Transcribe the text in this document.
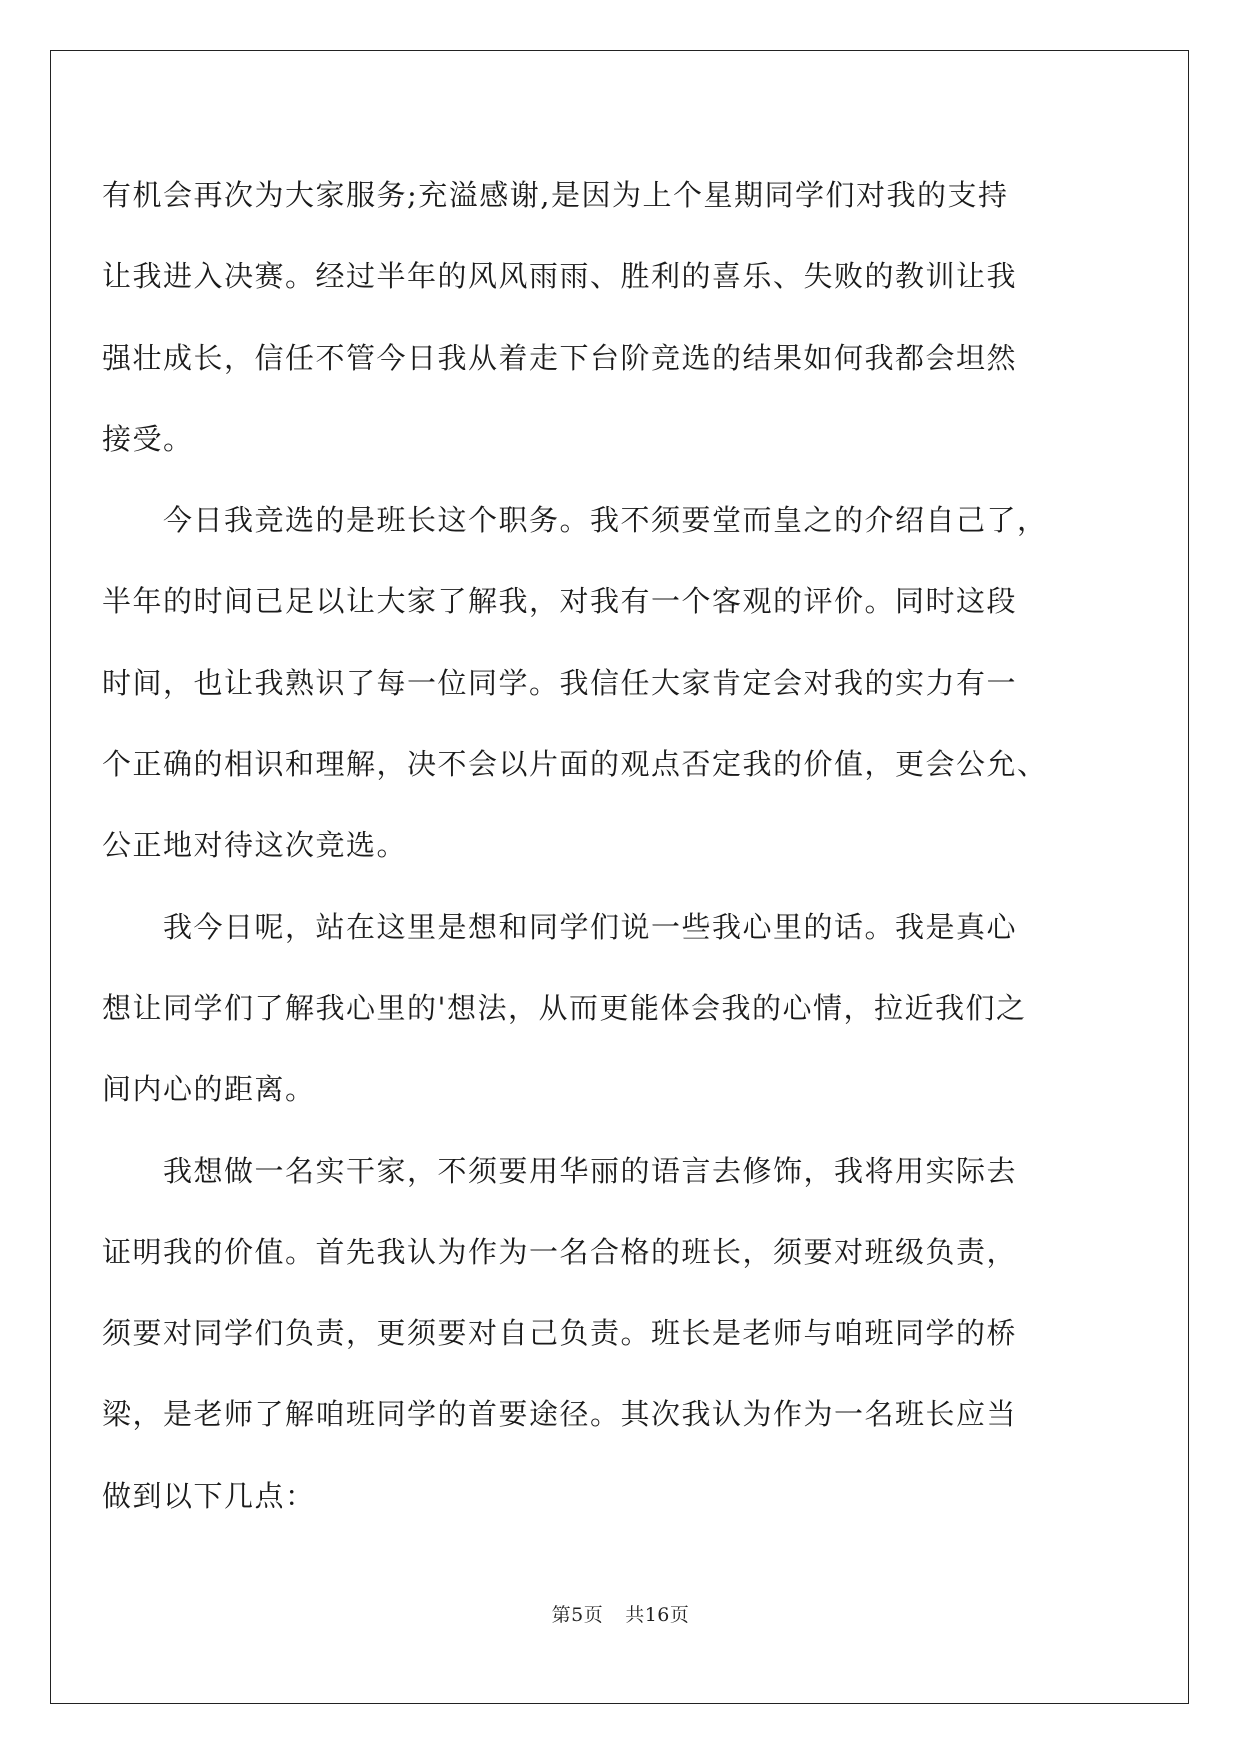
有机会再次为大家服务;充溢感谢,是因为上个星期同学们对我的支持
让我进入决赛。经过半年的风风雨雨、胜利的喜乐、失败的教训让我
强壮成长，信任不管今日我从着走下台阶竞选的结果如何我都会坦然
接受。

今日我竞选的是班长这个职务。我不须要堂而皇之的介绍自己了，
半年的时间已足以让大家了解我，对我有一个客观的评价。同时这段
时间，也让我熟识了每一位同学。我信任大家肯定会对我的实力有一
个正确的相识和理解，决不会以片面的观点否定我的价值，更会公允、
公正地对待这次竞选。

我今日呢，站在这里是想和同学们说一些我心里的话。我是真心
想让同学们了解我心里的'想法，从而更能体会我的心情，拉近我们之
间内心的距离。

我想做一名实干家，不须要用华丽的语言去修饰，我将用实际去
证明我的价值。首先我认为作为一名合格的班长，须要对班级负责，
须要对同学们负责，更须要对自己负责。班长是老师与咱班同学的桥
梁，是老师了解咱班同学的首要途径。其次我认为作为一名班长应当
做到以下几点：

第5页 共16页
